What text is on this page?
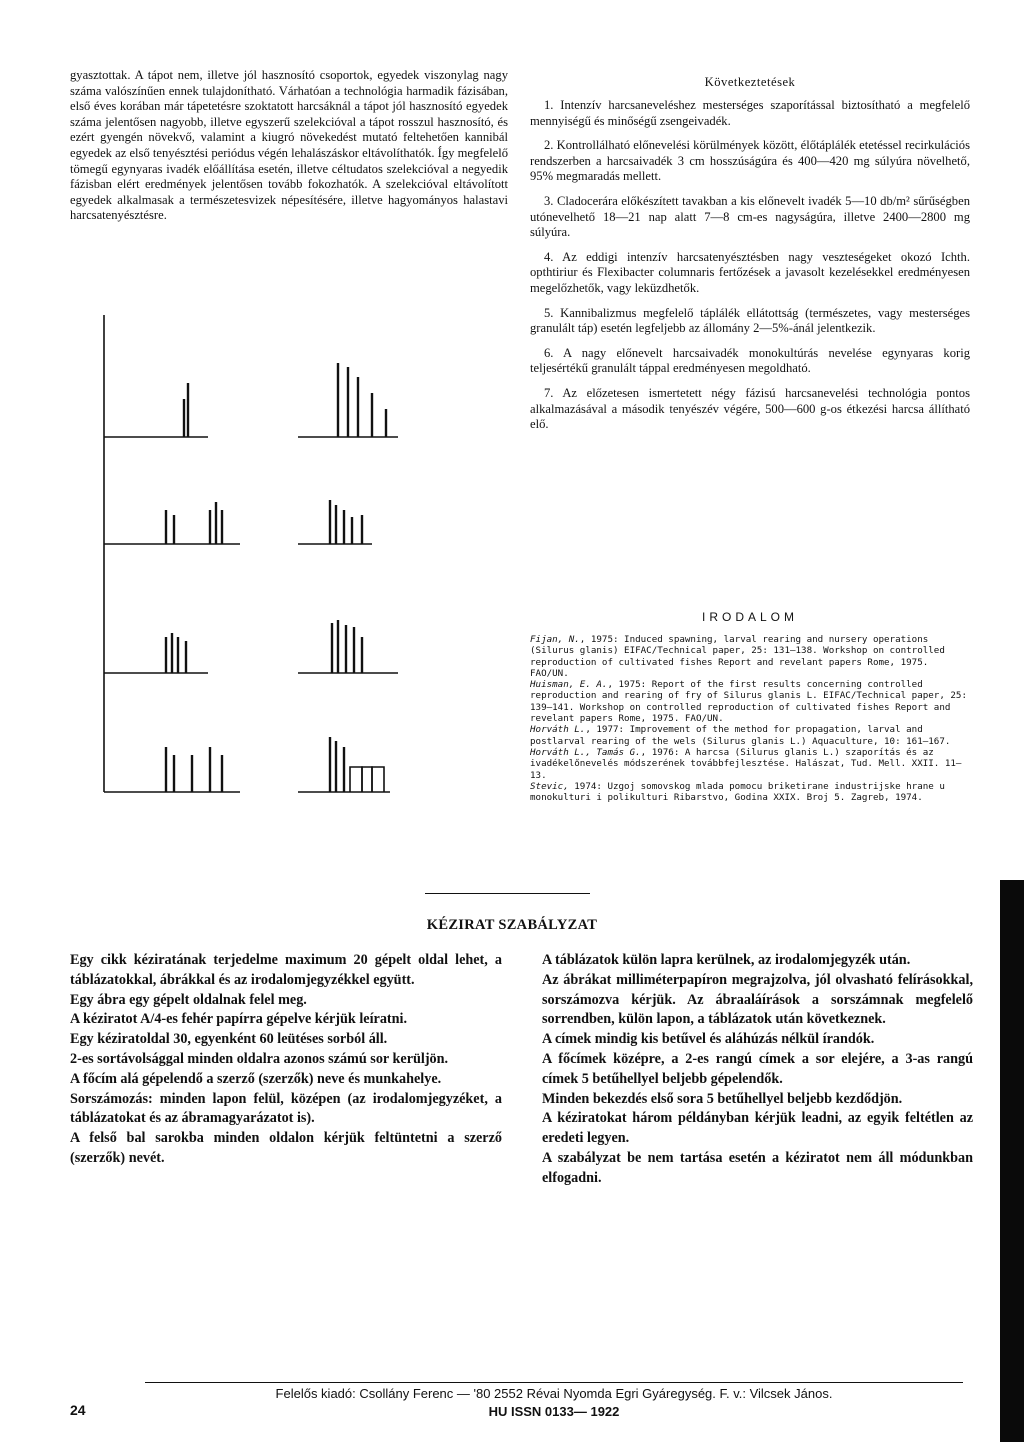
gyasztottak. A tápot nem, illetve jól hasznosító csoportok, egyedek viszonylag nagy száma valószínűen ennek tulajdonítható. Várhatóan a technológia harmadik fázisában, első éves korában már tápetetésre szoktatott harcsáknál a tápot jól hasznosító egyedek száma jelentősen nagyobb, illetve egyszerű szelekcióval a tápot rosszul hasznosító, és ezért gyengén növekvő, valamint a kiugró növekedést mutató feltehetően kannibál egyedek az első tenyésztési periódus végén lehalászáskor eltávolíthatók. Így megfelelő tömegű egynyaras ivadék előállítása esetén, illetve céltudatos szelekcióval a negyedik fázisban elért eredmények jelentősen tovább fokozhatók. A szelekcióval eltávolított egyedek alkalmasak a természetesvizek népesítésére, illetve hagyományos halastavi harcsatenyésztésre.

Következtetések

1. Intenzív harcsaneveléshez mesterséges szaporítással biztosítható a megfelelő mennyiségű és minőségű zsengeivadék.

2. Kontrollálható előnevelési körülmények között, élőtáplálék etetéssel recirkulációs rendszerben a harcsaivadék 3 cm hosszúságúra és 400—420 mg súlyúra növelhető, 95% megmaradás mellett.

3. Cladocerára előkészített tavakban a kis előnevelt ivadék 5—10 db/m² sűrűségben utónevelhető 18—21 nap alatt 7—8 cm-es nagyságúra, illetve 2400—2800 mg súlyúra.

4. Az eddigi intenzív harcsatenyésztésben nagy veszteségeket okozó Ichth. opthtiriur és Flexibacter columnaris fertőzések a javasolt kezelésekkel eredményesen megelőzhetők, vagy leküzdhetők.

5. Kannibalizmus megfelelő táplálék ellátottság (természetes, vagy mesterséges granulált táp) esetén legfeljebb az állomány 2—5%-ánál jelentkezik.

6. A nagy előnevelt harcsaivadék monokultúrás nevelése egynyaras korig teljesértékű granulált táppal eredményesen megoldható.

7. Az előzetesen ismertetett négy fázisú harcsanevelési technológia pontos alkalmazásával a második tenyészév végére, 500—600 g-os étkezési harcsa állítható elő.

IRODALOM

Fijan, N., 1975: Induced spawning, larval rearing and nursery operations (Silurus glanis) EIFAC/Technical paper, 25: 131—138. Workshop on controlled reproduction of cultivated fishes Report and revelant papers Rome, 1975. FAO/UN.

Huisman, E. A., 1975: Report of the first results concerning controlled reproduction and rearing of fry of Silurus glanis L. EIFAC/Technical paper, 25: 139—141. Workshop on controlled reproduction of cultivated fishes Report and revelant papers Rome, 1975. FAO/UN.

Horváth L., 1977: Improvement of the method for propagation, larval and postlarval rearing of the wels (Silurus glanis L.) Aquaculture, 10: 161—167.

Horváth L., Tamás G., 1976: A harcsa (Silurus glanis L.) szaporítás és az ivadékelőnevelés módszerének továbbfejlesztése. Halászat, Tud. Mell. XXII. 11—13.

Stevic, 1974: Uzgoj somovskog mlada pomocu briketirane industrijske hrane u monokulturi i polikulturi Ribarstvo, Godina XXIX. Broj 5. Zagreb, 1974.

KÉZIRAT SZABÁLYZAT

Egy cikk kéziratának terjedelme maximum 20 gépelt oldal lehet, a táblázatokkal, ábrákkal és az irodalomjegyzékkel együtt.

Egy ábra egy gépelt oldalnak felel meg.

A kéziratot A/4-es fehér papírra gépelve kérjük leíratni.

Egy kéziratoldal 30, egyenként 60 leütéses sorból áll.

2-es sortávolsággal minden oldalra azonos számú sor kerüljön.

A főcím alá gépelendő a szerző (szerzők) neve és munkahelye.

Sorszámozás: minden lapon felül, középen (az irodalomjegyzéket, a táblázatokat és az ábramagyarázatot is).

A felső bal sarokba minden oldalon kérjük feltüntetni a szerző (szerzők) nevét.

A táblázatok külön lapra kerülnek, az irodalomjegyzék után.

Az ábrákat milliméterpapíron megrajzolva, jól olvasható felírásokkal, sorszámozva kérjük. Az ábraaláírások a sorszámnak megfelelő sorrendben, külön lapon, a táblázatok után következnek.

A címek mindig kis betűvel és aláhúzás nélkül írandók.

A főcímek középre, a 2-es rangú címek a sor elejére, a 3-as rangú címek 5 betűhellyel beljebb gépelendők.

Minden bekezdés első sora 5 betűhellyel beljebb kezdődjön.

A kéziratokat három példányban kérjük leadni, az egyik feltétlen az eredeti legyen.

A szabályzat be nem tartása esetén a kéziratot nem áll módunkban elfogadni.

Felelős kiadó: Csollány Ferenc — '80 2552 Révai Nyomda Egri Gyáregység. F. v.: Vilcsek János.
HU ISSN 0133— 1922
24
